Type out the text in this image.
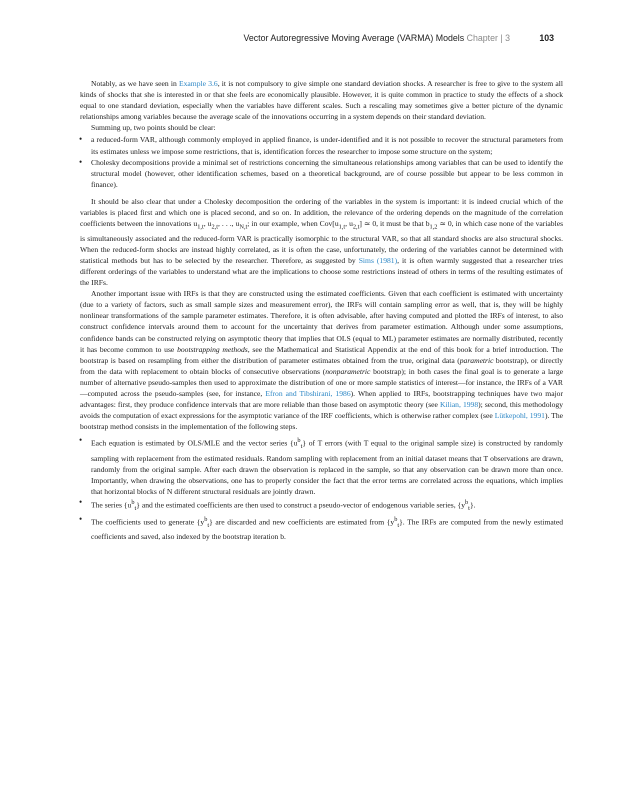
Vector Autoregressive Moving Average (VARMA) Models Chapter | 3	103

Notably, as we have seen in Example 3.6, it is not compulsory to give simple one standard deviation shocks. A researcher is free to give to the system all kinds of shocks that she is interested in or that she feels are economically plausible. However, it is quite common in practice to study the effects of a shock equal to one standard deviation, especially when the variables have different scales. Such a rescaling may sometimes give a better picture of the dynamic relationships among variables because the average scale of the innovations occurring in a system depends on their standard deviation.

Summing up, two points should be clear:

• a reduced-form VAR, although commonly employed in applied finance, is under-identified and it is not possible to recover the structural parameters from its estimates unless we impose some restrictions, that is, identification forces the researcher to impose some structure on the system;
• Cholesky decompositions provide a minimal set of restrictions concerning the simultaneous relationships among variables that can be used to identify the structural model (however, other identification schemes, based on a theoretical background, are of course possible but appear to be less common in finance).

It should be also clear that under a Cholesky decomposition the ordering of the variables in the system is important: it is indeed crucial which of the variables is placed first and which one is placed second, and so on. In addition, the relevance of the ordering depends on the magnitude of the correlation coefficients between the innovations $u_{1,t}$, $u_{2,t}$, . . ., $u_{N,t}$; in our example, when $Cov[u_{1,t}$, $u_{2,t}$] ≃ 0, it must be that $b_{1,2}$ ≃ 0, in which case none of the variables is simultaneously associated and the reduced-form VAR is practically isomorphic to the structural VAR, so that all standard shocks are also structural shocks. When the reduced-form shocks are instead highly correlated, as it is often the case, unfortunately, the ordering of the variables cannot be determined with statistical methods but has to be selected by the researcher. Therefore, as suggested by Sims (1981), it is often warmly suggested that a researcher tries different orderings of the variables to understand what are the implications to choose some restrictions instead of others in terms of the resulting estimates of the IRFs.

Another important issue with IRFs is that they are constructed using the estimated coefficients. Given that each coefficient is estimated with uncertainty (due to a variety of factors, such as small sample sizes and measurement error), the IRFs will contain sampling error as well, that is, they will be highly nonlinear transformations of the sample parameter estimates. Therefore, it is often advisable, after having computed and plotted the IRFs of interest, to also construct confidence intervals around them to account for the uncertainty that derives from parameter estimation. Although under some assumptions, confidence bands can be constructed relying on asymptotic theory that implies that OLS (equal to ML) parameter estimates are normally distributed, recently it has become common to use bootstrapping methods, see the Mathematical and Statistical Appendix at the end of this book for a brief introduction. The bootstrap is based on resampling from either the distribution of parameter estimates obtained from the true, original data (parametric bootstrap), or directly from the data with replacement to obtain blocks of consecutive observations (nonparametric bootstrap); in both cases the final goal is to generate a large number of alternative pseudo-samples then used to approximate the distribution of one or more sample statistics of interest—for instance, the IRFs of a VAR—computed across the pseudo-samples (see, for instance, Efron and Tibshirani, 1986). When applied to IRFs, bootstrapping techniques have two major advantages: first, they produce confidence intervals that are more reliable than those based on asymptotic theory (see Kilian, 1998); second, this methodology avoids the computation of exact expressions for the asymptotic variance of the IRF coefficients, which is otherwise rather complex (see Lütkepohl, 1991). The bootstrap method consists in the implementation of the following steps.

• Each equation is estimated by OLS/MLE and the vector series $\{u^b_t\}$ of T errors (with T equal to the original sample size) is constructed by randomly sampling with replacement from the estimated residuals. Random sampling with replacement from an initial dataset means that T observations are drawn, randomly from the original sample. After each drawn the observation is replaced in the sample, so that any observation can be drawn more than once. Importantly, when drawing the observations, one has to properly consider the fact that the error terms are correlated across the equations, which implies that horizontal blocks of N different structural residuals are jointly drawn.
• The series $\{u^b_t\}$ and the estimated coefficients are then used to construct a pseudo-vector of endogenous variable series, $\{y^b_t\}$.
• The coefficients used to generate $\{y^b_t\}$ are discarded and new coefficients are estimated from $\{y^b_t\}$. The IRFs are computed from the newly estimated coefficients and saved, also indexed by the bootstrap iteration b.
